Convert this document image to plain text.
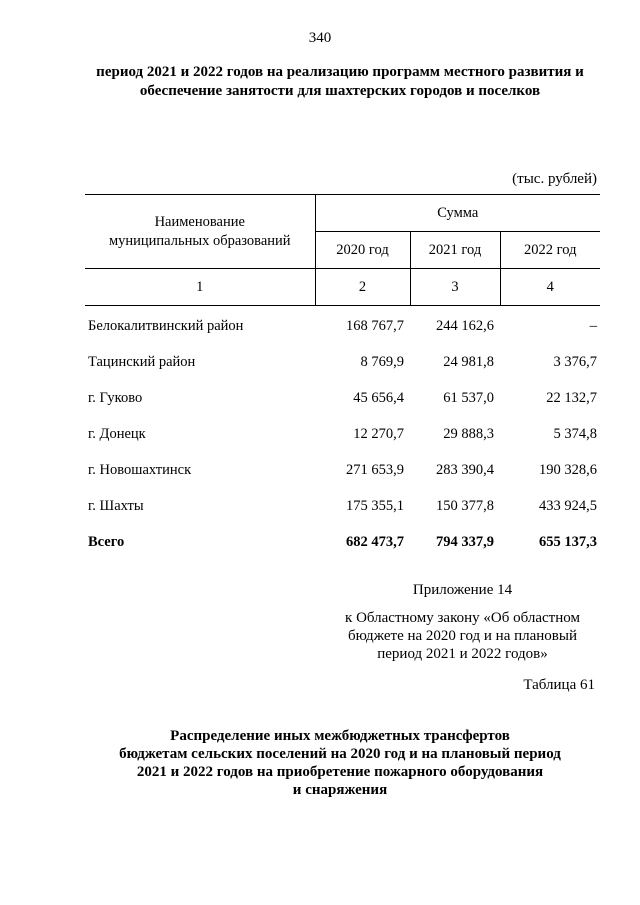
340
период 2021 и 2022 годов на реализацию программ местного развития и
обеспечение занятости для шахтерских городов и поселков
(тыс. рублей)
Наименование
муниципальных образований	Сумма		
	2020 год	2021 год	2022 год
1	2	3	4
Белокалитвинский район	168 767,7	244 162,6	–
Тацинский район	8 769,9	24 981,8	3 376,7
г. Гуково	45 656,4	61 537,0	22 132,7
г. Донецк	12 270,7	29 888,3	5 374,8
г. Новошахтинск	271 653,9	283 390,4	190 328,6
г. Шахты	175 355,1	150 377,8	433 924,5
Всего	682 473,7	794 337,9	655 137,3
Приложение 14
к Областному закону «Об областном
бюджете на 2020 год и на плановый
период 2021 и 2022 годов»
Таблица 61
Распределение иных межбюджетных трансфертов
бюджетам сельских поселений на 2020 год и на плановый период
2021 и 2022 годов на приобретение пожарного оборудования
и снаряжения
